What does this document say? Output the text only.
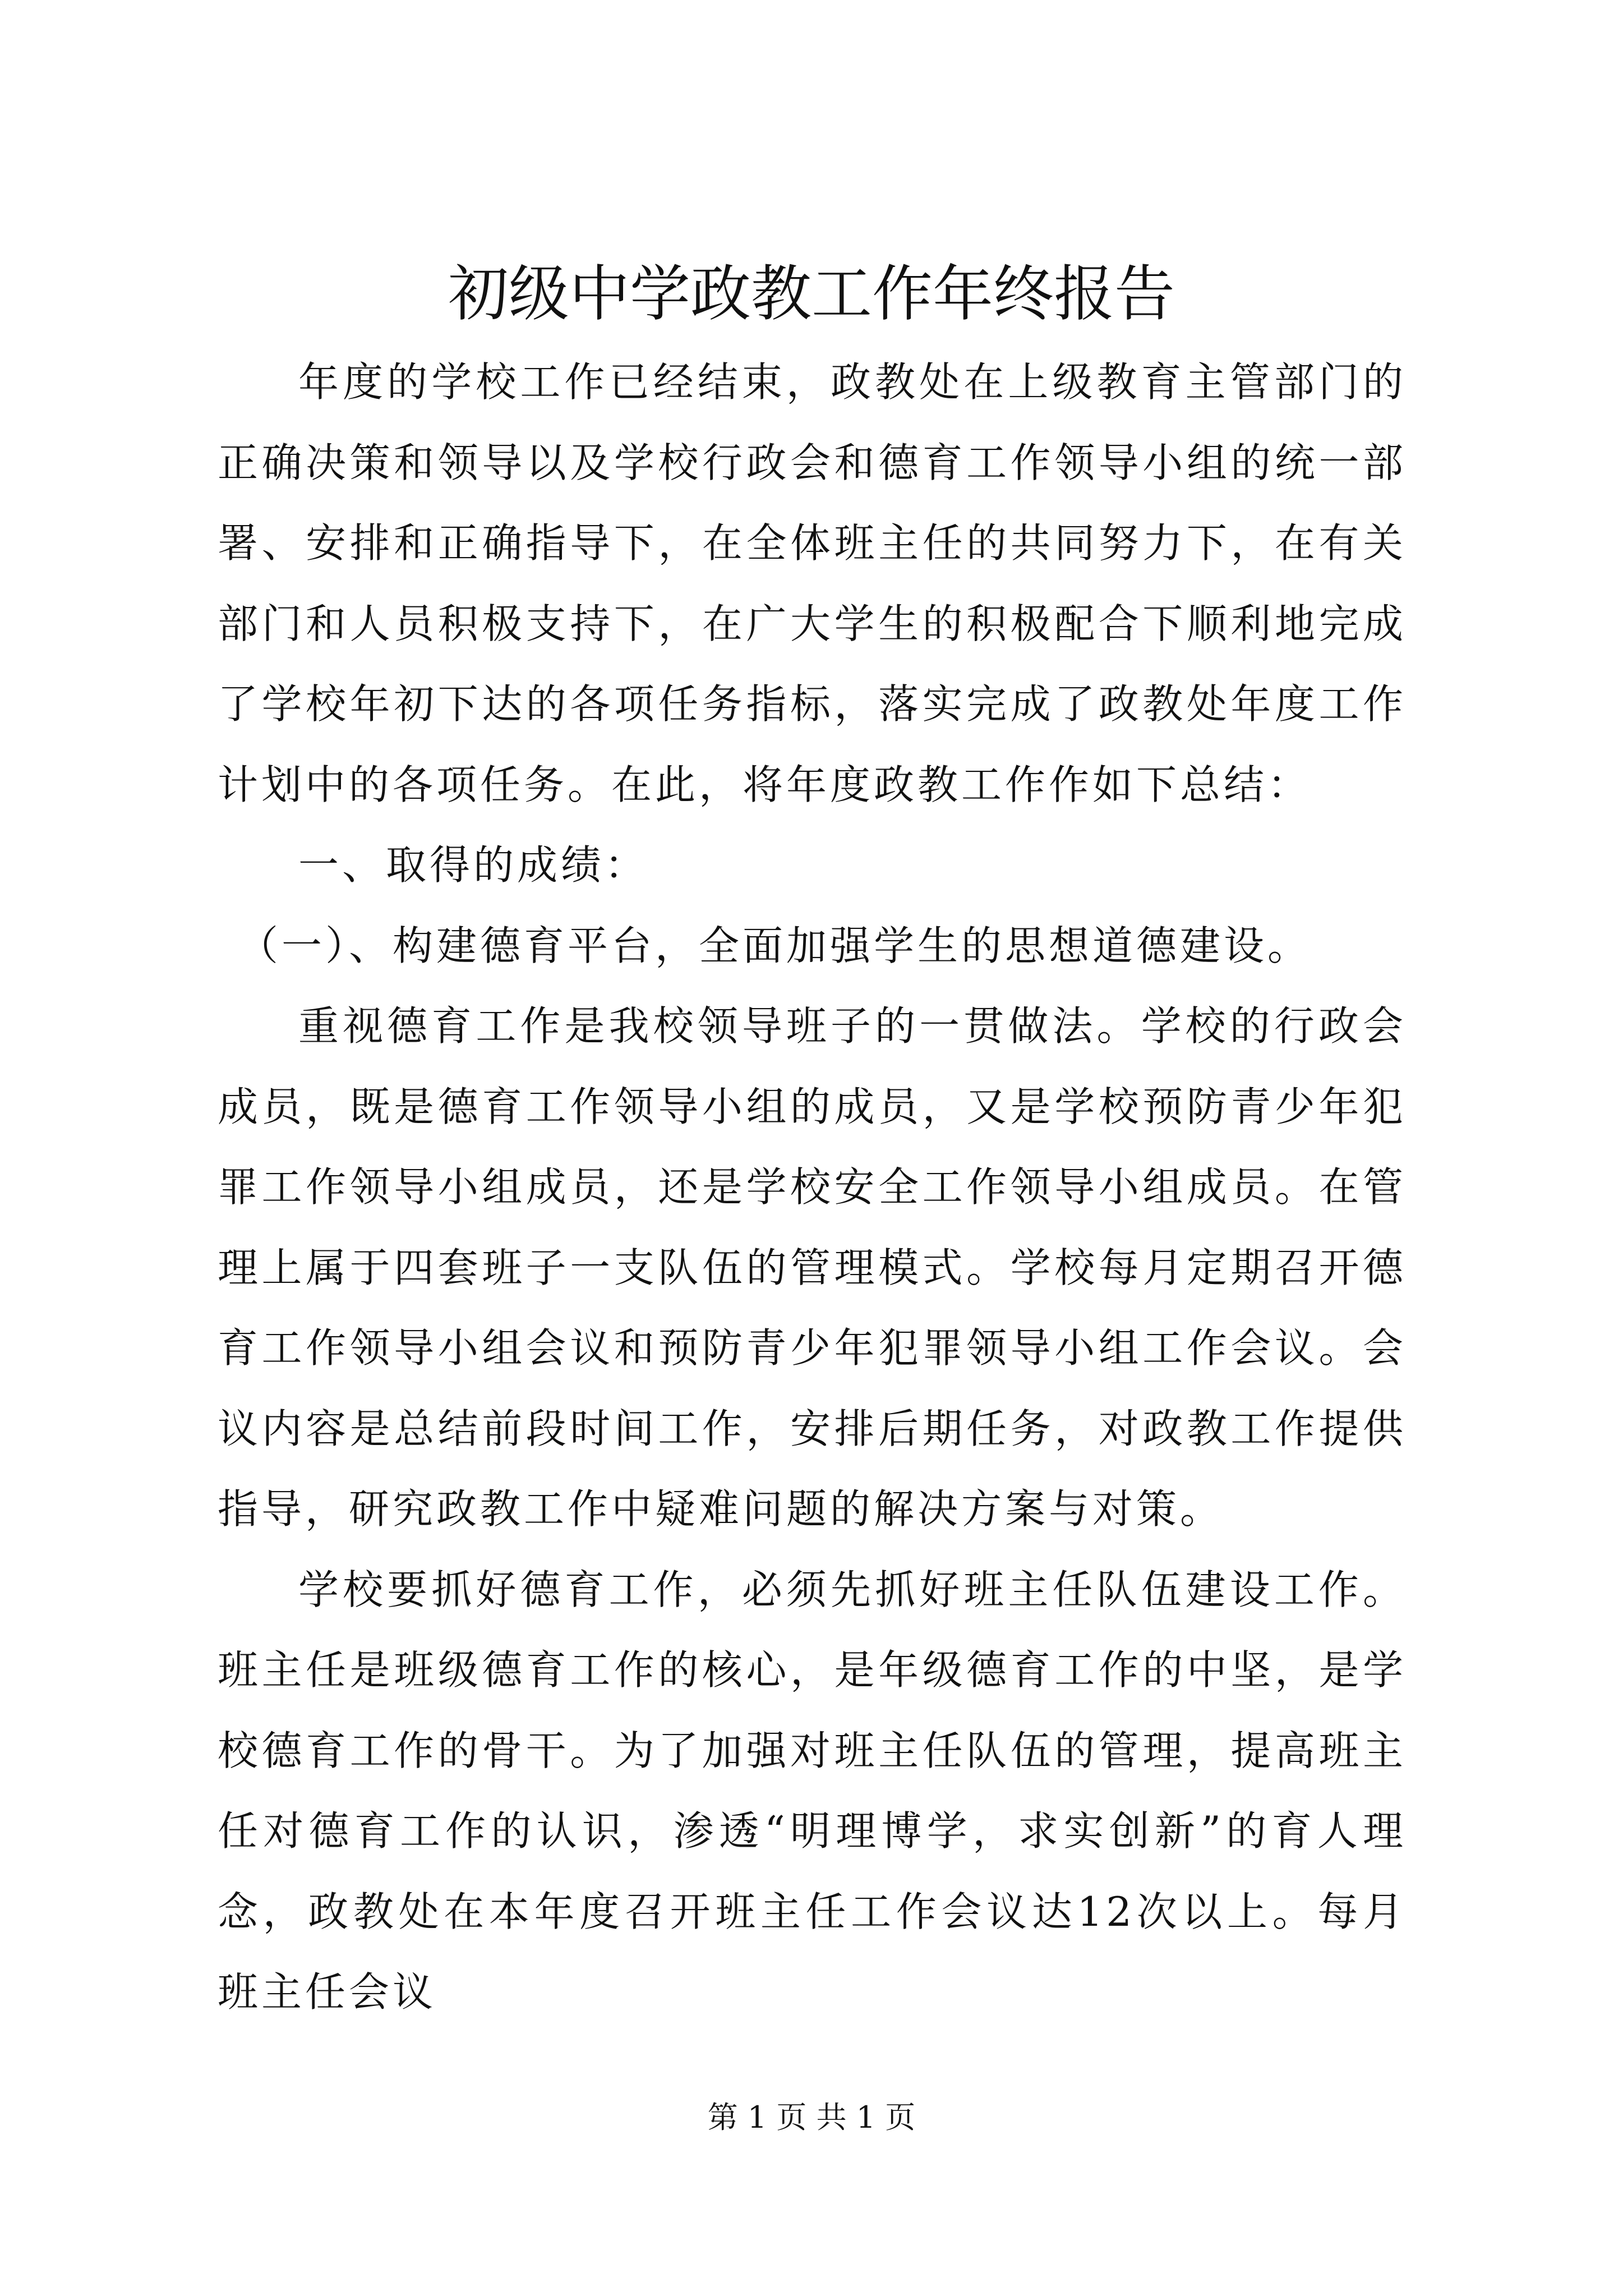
初级中学政教工作年终报告

年度的学校工作已经结束，政教处在上级教育主管部门的正确决策和领导以及学校行政会和德育工作领导小组的统一部署、安排和正确指导下，在全体班主任的共同努力下，在有关部门和人员积极支持下，在广大学生的积极配合下顺利地完成了学校年初下达的各项任务指标，落实完成了政教处年度工作计划中的各项任务。在此，将年度政教工作作如下总结：

一、取得的成绩：

（一）、构建德育平台，全面加强学生的思想道德建设。

重视德育工作是我校领导班子的一贯做法。学校的行政会成员，既是德育工作领导小组的成员，又是学校预防青少年犯罪工作领导小组成员，还是学校安全工作领导小组成员。在管理上属于四套班子一支队伍的管理模式。学校每月定期召开德育工作领导小组会议和预防青少年犯罪领导小组工作会议。会议内容是总结前段时间工作，安排后期任务，对政教工作提供指导，研究政教工作中疑难问题的解决方案与对策。

学校要抓好德育工作，必须先抓好班主任队伍建设工作。班主任是班级德育工作的核心，是年级德育工作的中坚，是学校德育工作的骨干。为了加强对班主任队伍的管理，提高班主任对德育工作的认识，渗透“明理博学，求实创新”的育人理念，政教处在本年度召开班主任工作会议达12次以上。每月班主任会议

第 1 页 共 1 页
